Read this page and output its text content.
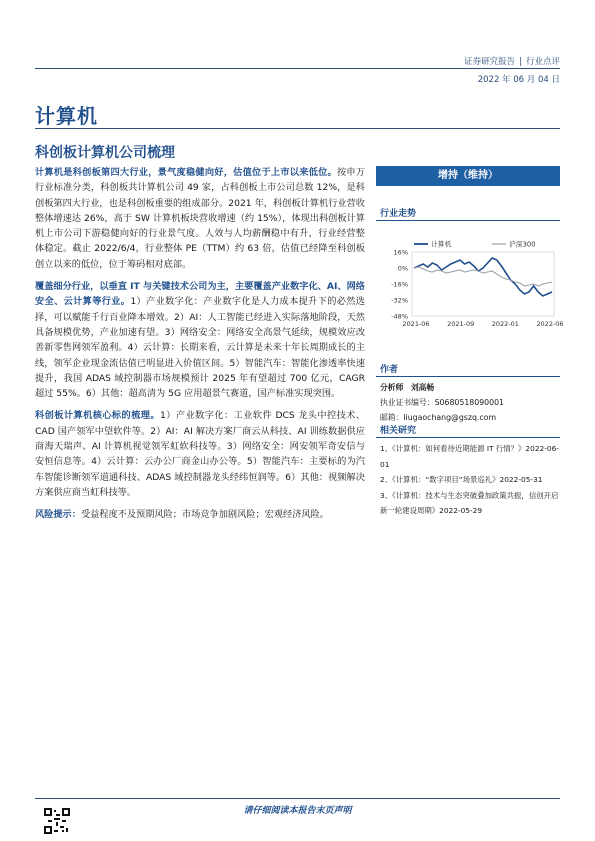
证券研究报告 | 行业点评
2022 年 06 月 04 日
计算机
科创板计算机公司梳理

计算机是科创板第四大行业，景气度稳健向好，估值位于上市以来低位。按申万行业标准分类，科创板共计算机公司 49 家，占科创板上市公司总数 12%，是科创板第四大行业，也是科创板重要的组成部分。2021 年，科创板计算机行业营收整体增速达 26%，高于 SW 计算机板块营收增速（约 15%），体现出科创板计算机上市公司下游稳健向好的行业景气度。人效与人均薪酬稳中有升，行业经营整体稳定。截止 2022/6/4，行业整体 PE（TTM）约 63 倍，估值已经降至科创板创立以来的低位，位于筹码相对底部。

覆盖细分行业，以垂直 IT 与关键技术公司为主，主要覆盖产业数字化、AI、网络安全、云计算等行业。1）产业数字化：产业数字化是人力成本提升下的必然选择，可以赋能千行百业降本增效。2）AI：人工智能已经进入实际落地阶段，天然具备规模优势，产业加速有望。3）网络安全：网络安全高景气延续，规模效应改善新零售网领军盈利。4）云计算：长期来看，云计算是未来十年长周期成长的主线，领军企业现金流估值已明显进入价值区间。5）智能汽车：智能化渗透率快速提升，我国 ADAS 域控制器市场规模预计 2025 年有望超过 700 亿元，CAGR 超过 55%。6）其他：超高清为 5G 应用超景气赛道，国产标准实现突围。

科创板计算机核心标的梳理。1）产业数字化：工业软件 DCS 龙头中控技术、CAD 国产领军中望软件等。2）AI：AI 解决方案厂商云从科技、AI 训练数据供应商海天瑞声、AI 计算机视觉领军虹软科技等。3）网络安全：网安领军奇安信与安恒信息等。4）云计算：云办公厂商金山办公等。5）智能汽车：主要标的为汽车智能诊断领军道通科技、ADAS 域控制器龙头经纬恒润等。6）其他：视频解决方案供应商当虹科技等。

风险提示：受益程度不及预期风险；市场竞争加剧风险；宏观经济风险。

增持（维持）
行业走势
16%
0%
-16%
-32%
-48%
2021-06	2021-09	2022-01	2022-06
计算机	沪深300
作者
分析师 刘高畅
执业证书编号：S0680518090001
邮箱：liugaochang@gszq.com
相关研究
1、《计算机：如何看待近期能源 IT 行情？》2022-06-01
2、《计算机：“数字项目”场景巡礼》2022-05-31
3、《计算机：技术与生态突破叠加政策共振，信创开启新一轮建设周期》2022-05-29
请仔细阅读本报告末页声明
